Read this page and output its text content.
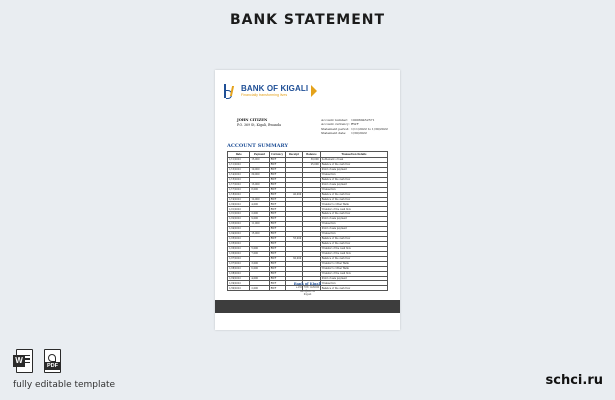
BANK STATEMENT
BANK OF KIGALI
Financially transforming lives
JOHN CITIZEN
P.O. 369 St, Kigali, Rwanda
Account number: 100069452571
Account currency: RWF
Statement period: 1/11/2022 to 1/30/2022
Statement date:	1/30/2022
ACCOUNT SUMMARY
Date	Payment	Currency	Receipt	Balance	Transaction Details
1/11/2022	15,000	RWF		30,000	Settlement of loan
1/11/2022		RWF		25,000	Balance of the cash flow
1/13/2022	10,000	RWF			Point of sale payment
1/14/2022	30,000	RWF			Transaction
1/15/2022		RWF			Balance of the cash flow
1/17/2022	13,000	RWF			Point of sale payment
1/17/2022	8,000	RWF			Transaction
1/18/2022		RWF	40,000		Balance of the cash flow
1/19/2022	12,000	RWF			Balance of the cash flow
1/20/2022	4,000	RWF			Transfer to Other Bank
1/21/2022		RWF			Transfer of the cash flow
1/21/2022	2,000	RWF			Balance of the cash flow
1/22/2022	9,000	RWF			Point of sale payment
1/23/2022	11,000	RWF			Transaction
1/24/2022		RWF			Point of sale payment
1/24/2022	15,000	RWF			Transaction
1/25/2022		RWF	55,000		Balance of the cash flow
1/25/2022		RWF			Balance of the cash flow
1/26/2022	5,000	RWF			Transfer of the cash flow
1/26/2022	7,000	RWF			Transfer of the cash flow
1/27/2022		RWF	60,000		Balance of the cash flow
1/27/2022	3,000	RWF			Transfer to Other Bank
1/28/2022	6,000	RWF			Transfer to Other Bank
1/28/2022		RWF			Transfer of the cash flow
1/29/2022	4,000	RWF			Point of sale payment
1/29/2022		RWF			Transaction
1/30/2022	2,000	RWF			Balance of the cash flow
Bank of Kigali
+250 788 143000
info@bk.rw
Kigali
W
PDF
fully editable template	schci.ru
